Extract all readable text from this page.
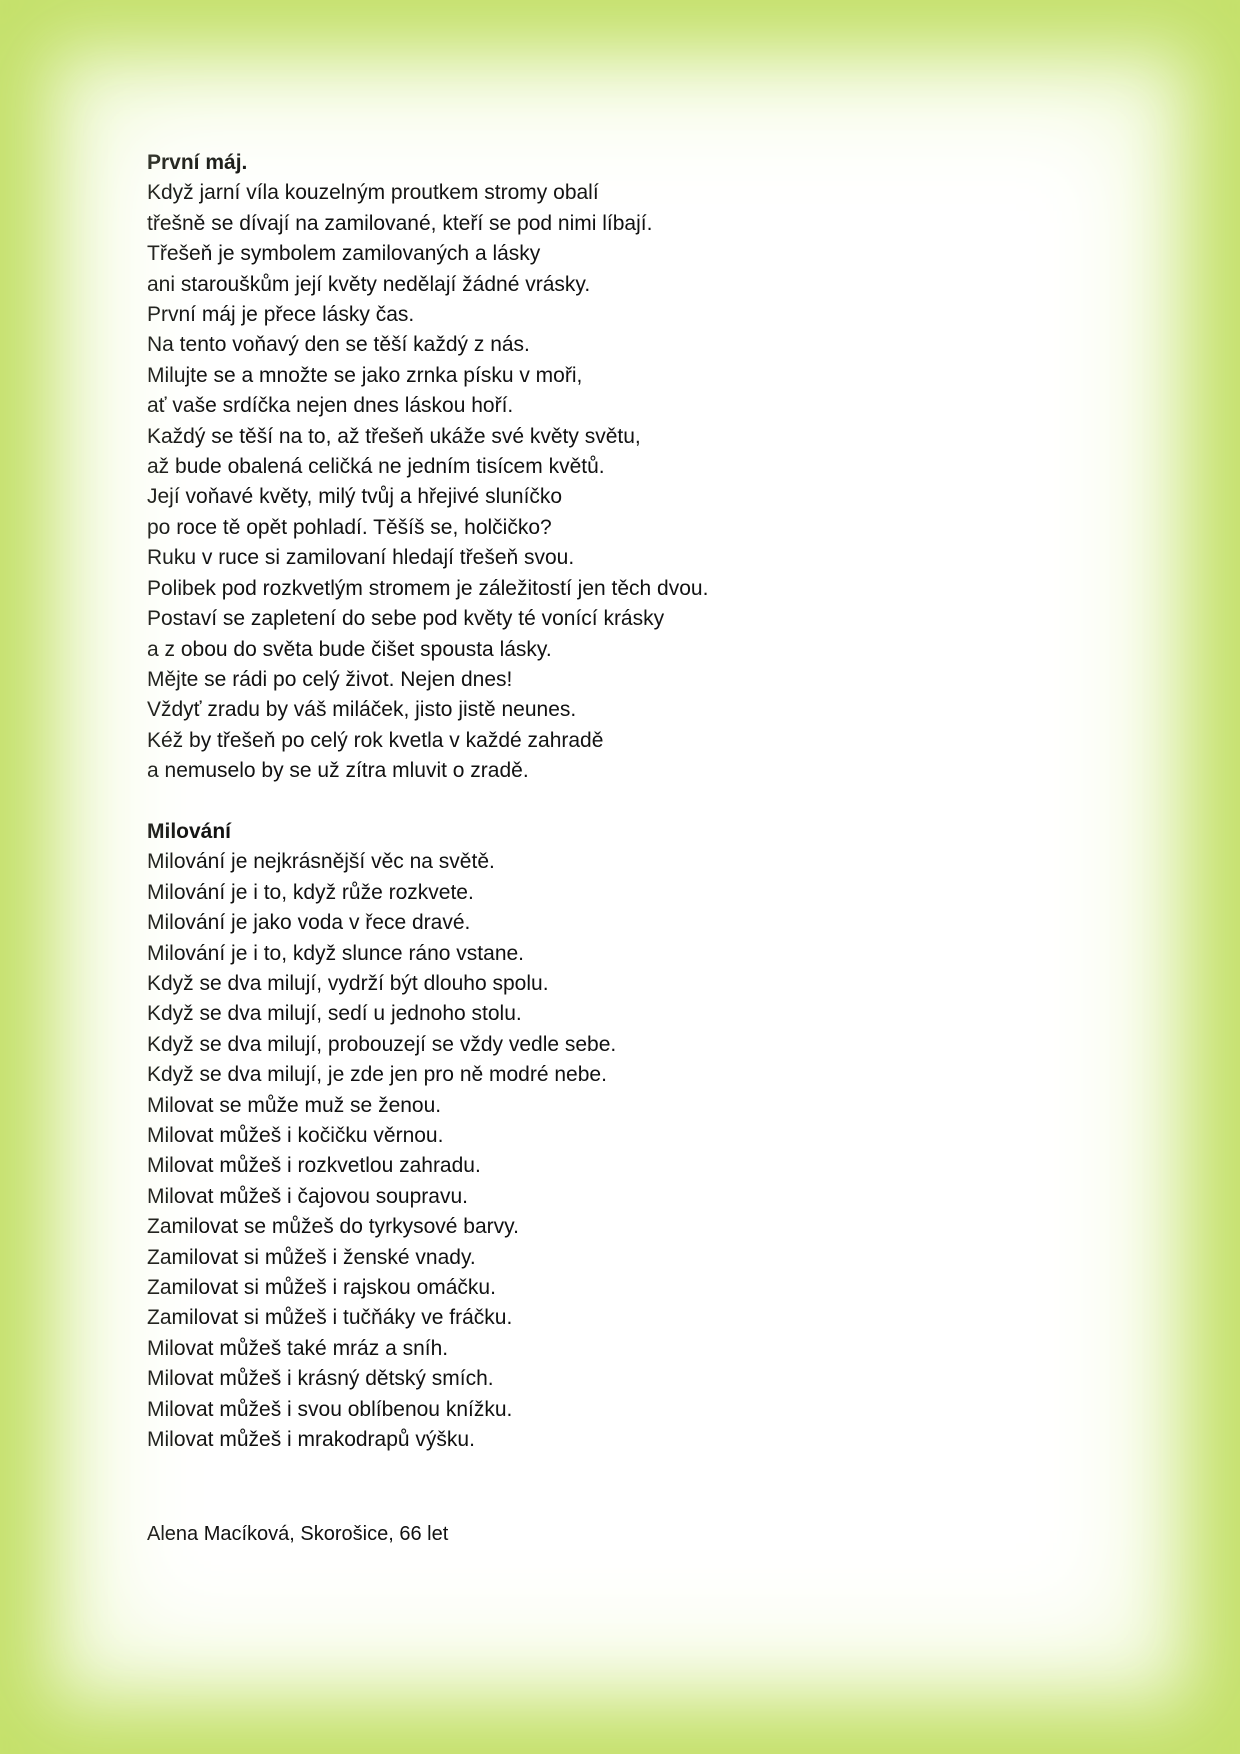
První máj.
Když jarní víla kouzelným proutkem stromy obalí
třešně se dívají na zamilované, kteří se pod nimi líbají.
Třešeň je symbolem zamilovaných a lásky
ani starouškům její květy nedělají žádné vrásky.
První máj je přece lásky čas.
Na tento voňavý den se těší každý z nás.
Milujte se a množte se jako zrnka písku v moři,
ať vaše srdíčka nejen dnes láskou hoří.
Každý se těší na to, až třešeň ukáže své květy světu,
až bude obalená celičká ne jedním tisícem květů.
Její voňavé květy, milý tvůj a hřejivé sluníčko
po roce tě opět pohladí. Těšíš se, holčičko?
Ruku v ruce si zamilovaní hledají třešeň svou.
Polibek pod rozkvetlým stromem je záležitostí jen těch dvou.
Postaví se zapletení do sebe pod květy té vonící krásky
a z obou do světa bude čišet spousta lásky.
Mějte se rádi po celý život. Nejen dnes!
Vždyť zradu by váš miláček, jisto jistě neunes.
Kéž by třešeň po celý rok kvetla v každé zahradě
a nemuselo by se už zítra mluvit o zradě.
Milování
Milování je nejkrásnější věc na světě.
Milování je i to, když růže rozkvete.
Milování je jako voda v řece dravé.
Milování je i to, když slunce ráno vstane.
Když se dva milují, vydrží být dlouho spolu.
Když se dva milují, sedí u jednoho stolu.
Když se dva milují, probouzejí se vždy vedle sebe.
Když se dva milují, je zde jen pro ně modré nebe.
Milovat se může muž se ženou.
Milovat můžeš i kočičku věrnou.
Milovat můžeš i rozkvetlou zahradu.
Milovat můžeš i čajovou soupravu.
Zamilovat se můžeš do tyrkysové barvy.
Zamilovat si můžeš i ženské vnady.
Zamilovat si můžeš i rajskou omáčku.
Zamilovat si můžeš i tučňáky ve fráčku.
Milovat můžeš také mráz a sníh.
Milovat můžeš i krásný dětský smích.
Milovat můžeš i svou oblíbenou knížku.
Milovat můžeš i mrakodrapů výšku.
Alena Macíková, Skorošice, 66 let
